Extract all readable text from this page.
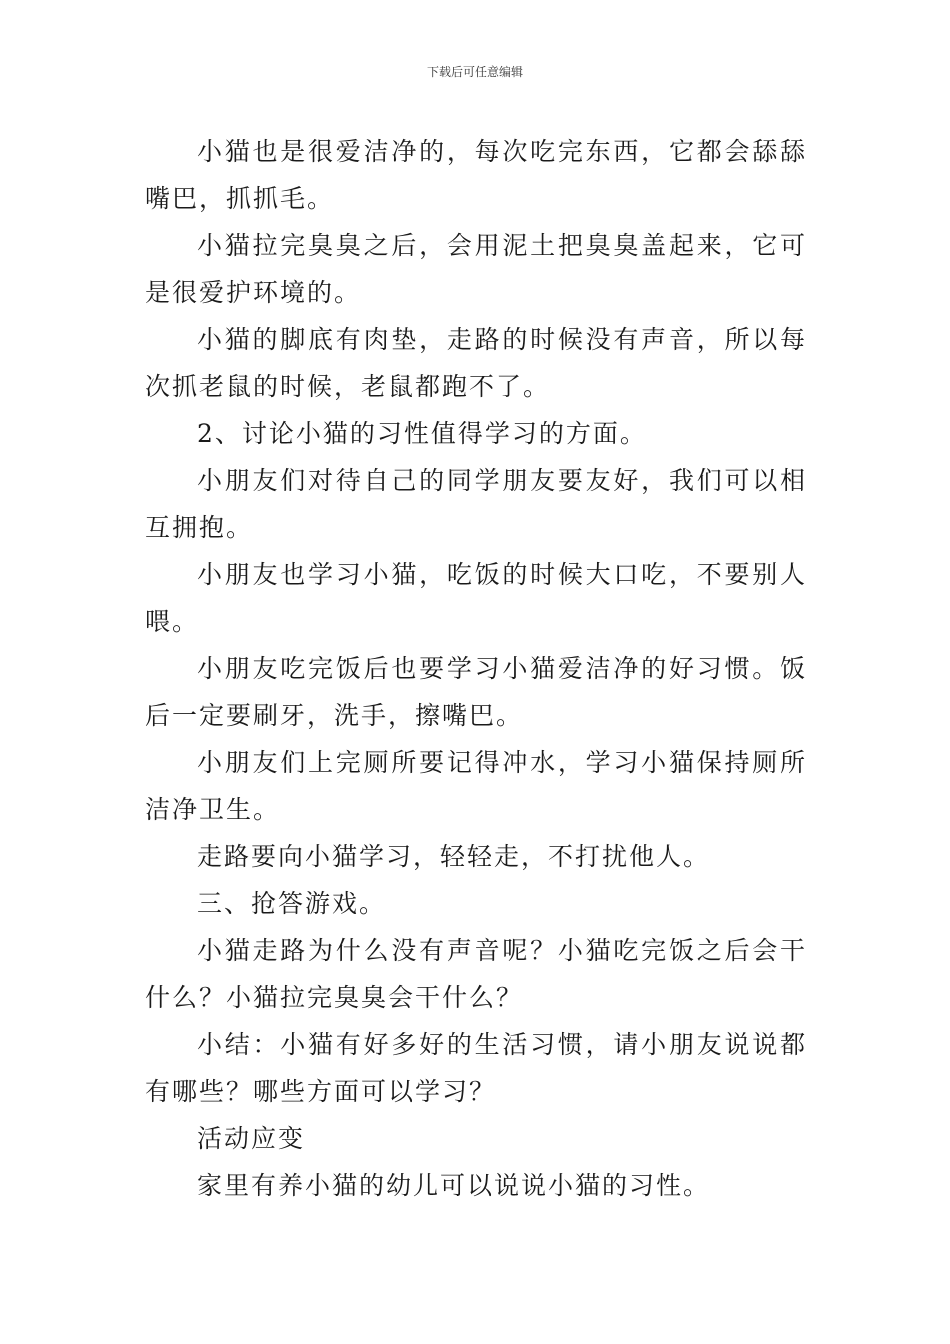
下载后可任意编辑

小猫也是很爱洁净的，每次吃完东西，它都会舔舔嘴巴，抓抓毛。

小猫拉完臭臭之后，会用泥土把臭臭盖起来，它可是很爱护环境的。

小猫的脚底有肉垫，走路的时候没有声音，所以每次抓老鼠的时候，老鼠都跑不了。

2、讨论小猫的习性值得学习的方面。

小朋友们对待自己的同学朋友要友好，我们可以相互拥抱。

小朋友也学习小猫，吃饭的时候大口吃，不要别人喂。

小朋友吃完饭后也要学习小猫爱洁净的好习惯。饭后一定要刷牙，洗手，擦嘴巴。

小朋友们上完厕所要记得冲水，学习小猫保持厕所洁净卫生。

走路要向小猫学习，轻轻走，不打扰他人。

三、抢答游戏。

小猫走路为什么没有声音呢？小猫吃完饭之后会干什么？小猫拉完臭臭会干什么？

小结：小猫有好多好的生活习惯，请小朋友说说都有哪些？哪些方面可以学习？

活动应变

家里有养小猫的幼儿可以说说小猫的习性。
